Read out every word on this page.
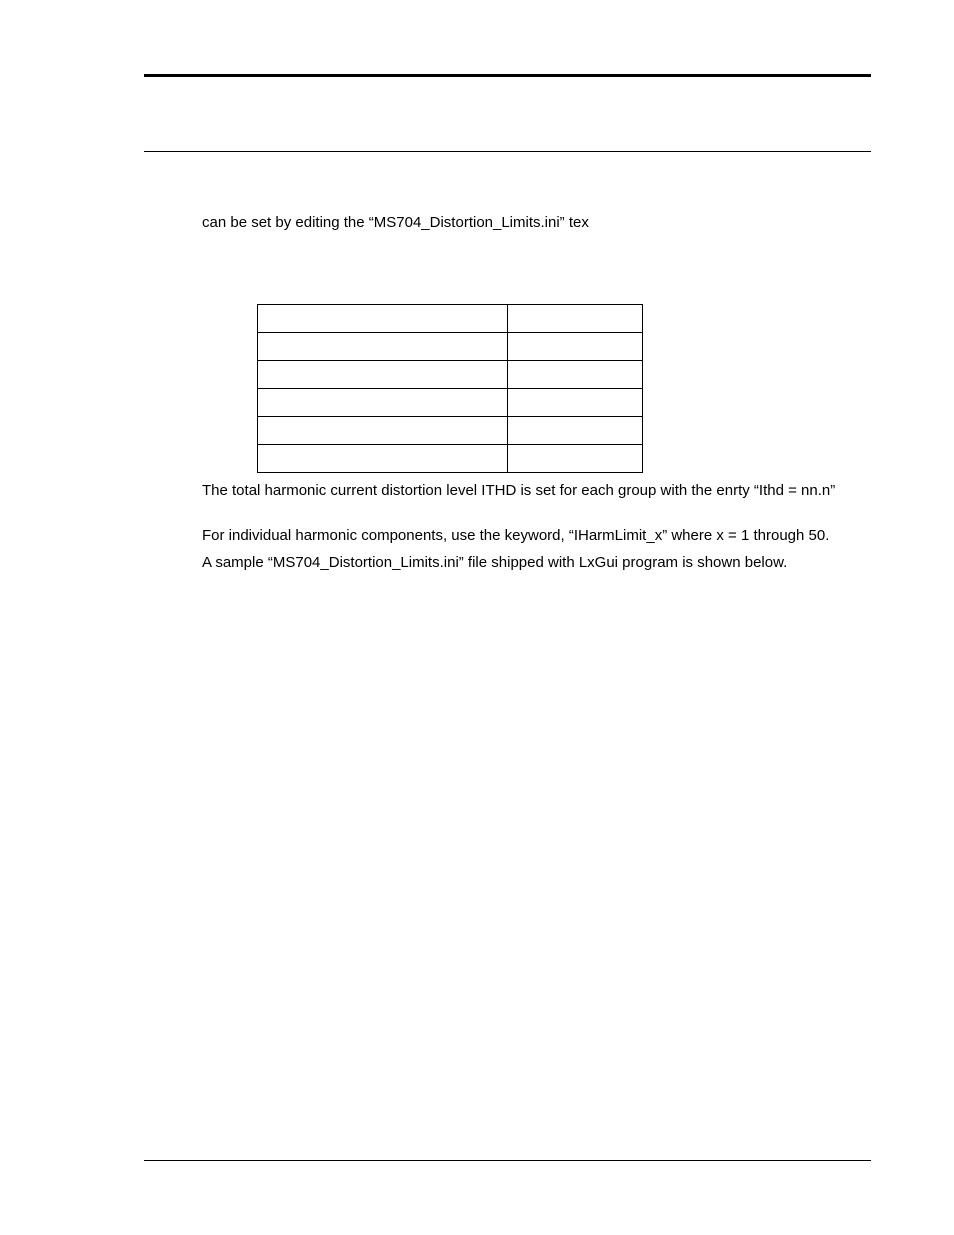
can be set by editing the “MS704_Distortion_Limits.ini” tex

The total harmonic current distortion level ITHD is set for each group with the enrty “Ithd = nn.n”
For individual harmonic components, use the keyword, “IHarmLimit_x” where x = 1 through 50.
A sample “MS704_Distortion_Limits.ini” file shipped with LxGui program is shown below.
